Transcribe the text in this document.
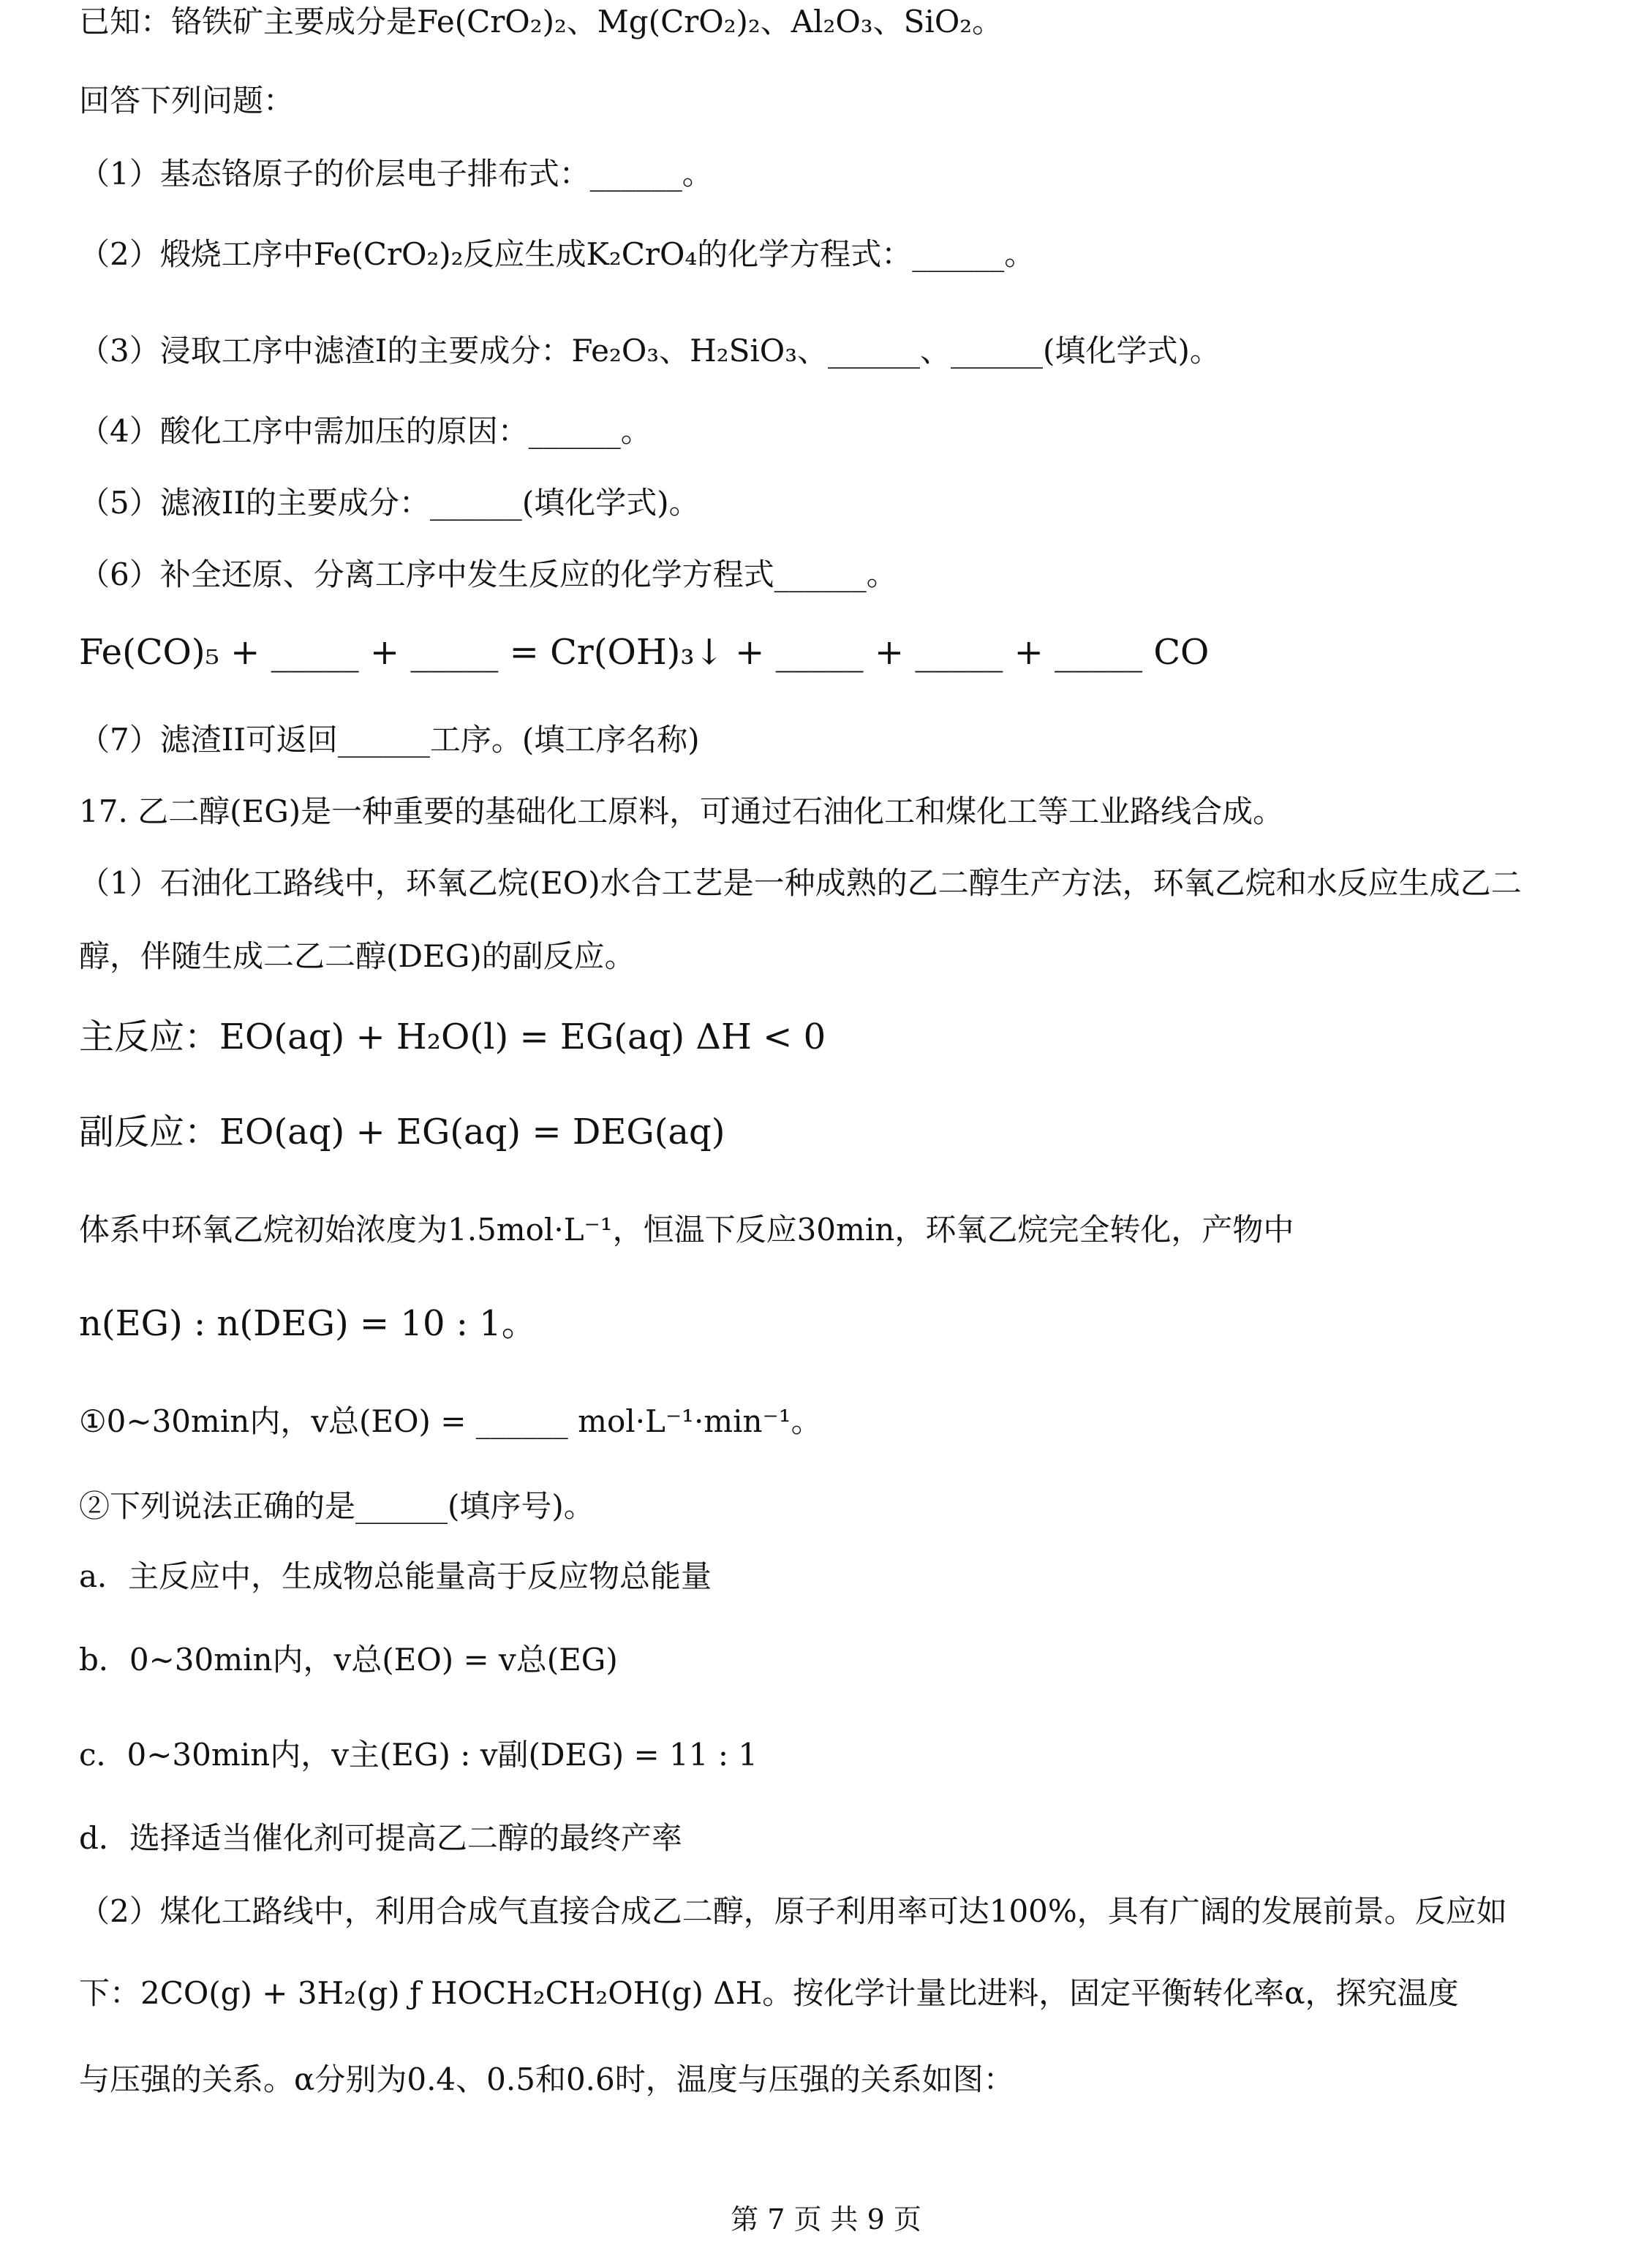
已知：铬铁矿主要成分是Fe(CrO₂)₂、Mg(CrO₂)₂、Al₂O₃、SiO₂。
回答下列问题：
（1）基态铬原子的价层电子排布式：______。
（2）煅烧工序中Fe(CrO₂)₂反应生成K₂CrO₄的化学方程式：______。
（3）浸取工序中滤渣I的主要成分：Fe₂O₃、H₂SiO₃、______、______(填化学式)。
（4）酸化工序中需加压的原因：______。
（5）滤液II的主要成分：______(填化学式)。
（6）补全还原、分离工序中发生反应的化学方程式______。
Fe(CO)₅ + _____ + _____ = Cr(OH)₃↓ + _____ + _____ + _____ CO
（7）滤渣II可返回______工序。(填工序名称)
17. 乙二醇(EG)是一种重要的基础化工原料，可通过石油化工和煤化工等工业路线合成。
（1）石油化工路线中，环氧乙烷(EO)水合工艺是一种成熟的乙二醇生产方法，环氧乙烷和水反应生成乙二
醇，伴随生成二乙二醇(DEG)的副反应。
主反应：EO(aq) + H₂O(l) = EG(aq) ΔH < 0
副反应：EO(aq) + EG(aq) = DEG(aq)
体系中环氧乙烷初始浓度为1.5mol·L⁻¹，恒温下反应30min，环氧乙烷完全转化，产物中
n(EG) : n(DEG) = 10 : 1。
①0~30min内，v总(EO) = ______ mol·L⁻¹·min⁻¹。
②下列说法正确的是______(填序号)。
a．主反应中，生成物总能量高于反应物总能量
b．0~30min内，v总(EO) = v总(EG)
c．0~30min内，v主(EG) : v副(DEG) = 11 : 1
d．选择适当催化剂可提高乙二醇的最终产率
（2）煤化工路线中，利用合成气直接合成乙二醇，原子利用率可达100%，具有广阔的发展前景。反应如
下：2CO(g) + 3H₂(g) ƒ HOCH₂CH₂OH(g) ΔH。按化学计量比进料，固定平衡转化率α，探究温度
与压强的关系。α分别为0.4、0.5和0.6时，温度与压强的关系如图：
第 7 页 共 9 页
